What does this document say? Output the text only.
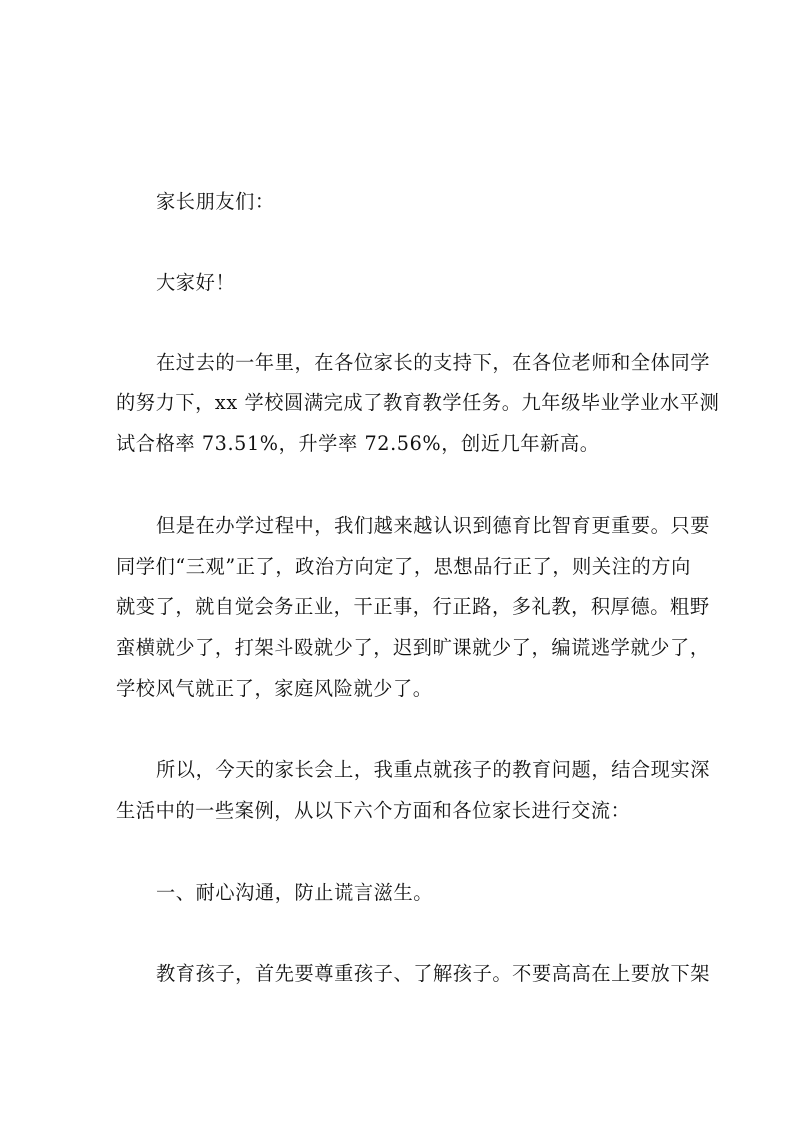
家长朋友们：
大家好！
在过去的一年里，在各位家长的支持下，在各位老师和全体同学
的努力下，xx 学校圆满完成了教育教学任务。九年级毕业学业水平测
试合格率 73.51%，升学率 72.56%，创近几年新高。
但是在办学过程中，我们越来越认识到德育比智育更重要。只要
同学们“三观”正了，政治方向定了，思想品行正了，则关注的方向
就变了，就自觉会务正业，干正事，行正路，多礼教，积厚德。粗野
蛮横就少了，打架斗殴就少了，迟到旷课就少了，编谎逃学就少了，
学校风气就正了，家庭风险就少了。
所以，今天的家长会上，我重点就孩子的教育问题，结合现实深
生活中的一些案例，从以下六个方面和各位家长进行交流：
一、耐心沟通，防止谎言滋生。
教育孩子，首先要尊重孩子、了解孩子。不要高高在上要放下架
